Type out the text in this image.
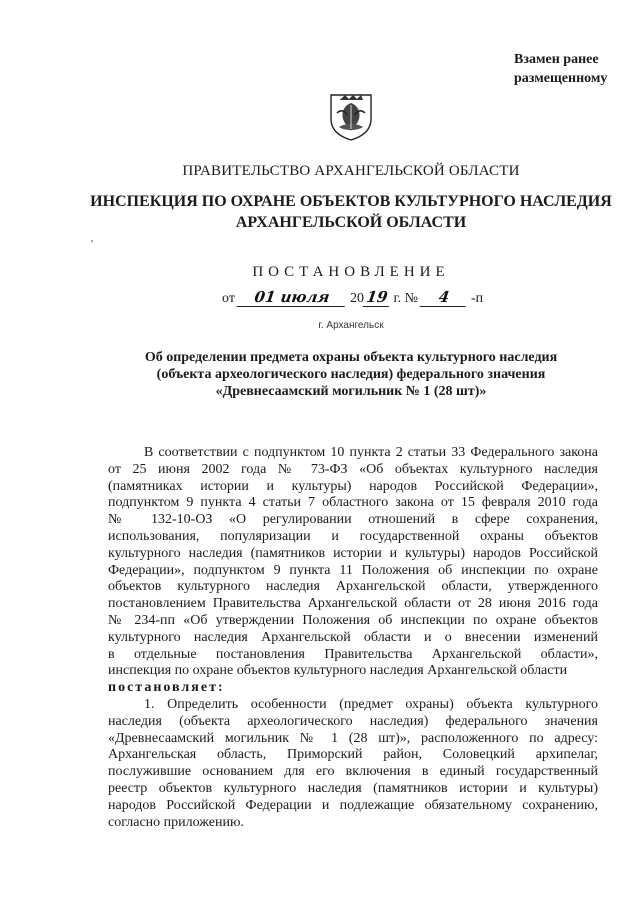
Взамен ранее
размещенному
ПРАВИТЕЛЬСТВО АРХАНГЕЛЬСКОЙ ОБЛАСТИ
ИНСПЕКЦИЯ ПО ОХРАНЕ ОБЪЕКТОВ КУЛЬТУРНОГО НАСЛЕДИЯ
АРХАНГЕЛЬСКОЙ ОБЛАСТИ
ПОСТАНОВЛЕНИЕ
от 01 июля 2019 г. № 4 -п
г. Архангельск
Об определении предмета охраны объекта культурного наследия
(объекта археологического наследия) федерального значения
«Древнесаамский могильник № 1 (28 шт)»

В соответствии с подпунктом 10 пункта 2 статьи 33 Федерального закона

от 25 июня 2002 года № 73-ФЗ «Об объектах культурного наследия

(памятниках истории и культуры) народов Российской Федерации»,

подпунктом 9 пункта 4 статьи 7 областного закона от 15 февраля 2010 года

№ 132-10-ОЗ «О регулировании отношений в сфере сохранения,

использования, популяризации и государственной охраны объектов

культурного наследия (памятников истории и культуры) народов Российской

Федерации», подпунктом 9 пункта 11 Положения об инспекции по охране

объектов культурного наследия Архангельской области, утвержденного

постановлением Правительства Архангельской области от 28 июня 2016 года

№ 234-пп «Об утверждении Положения об инспекции по охране объектов

культурного наследия Архангельской области и о внесении изменений

в отдельные постановления Правительства Архангельской области»,

инспекция по охране объектов культурного наследия Архангельской области

постановляет:

1. Определить особенности (предмет охраны) объекта культурного

наследия (объекта археологического наследия) федерального значения

«Древнесаамский могильник № 1 (28 шт)», расположенного по адресу:

Архангельская область, Приморский район, Соловецкий архипелаг,

послужившие основанием для его включения в единый государственный

реестр объектов культурного наследия (памятников истории и культуры)

народов Российской Федерации и подлежащие обязательному сохранению,

согласно приложению.
